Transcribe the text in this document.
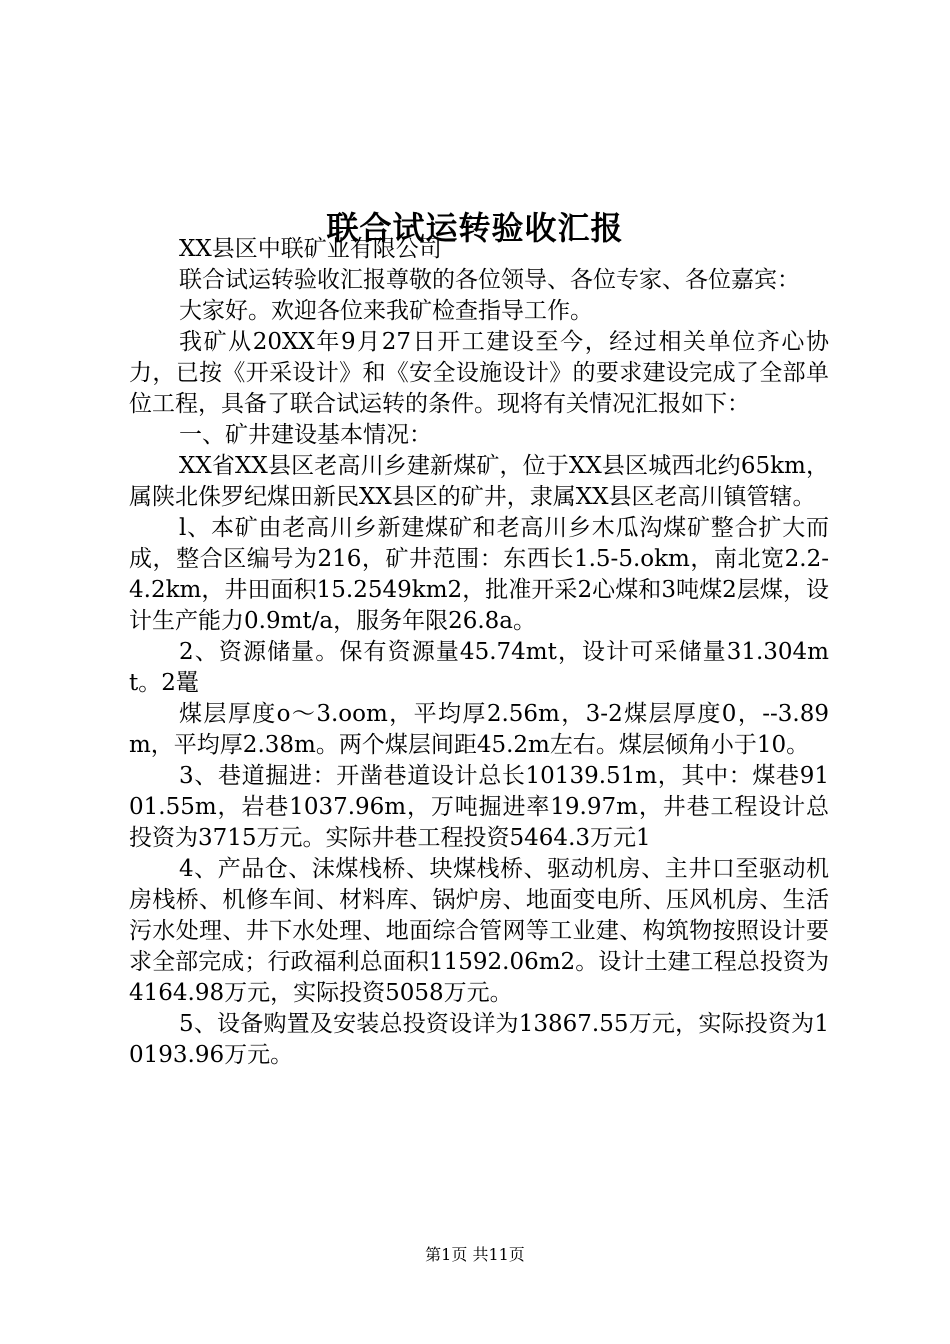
联合试运转验收汇报

XX县区中联矿业有限公司

联合试运转验收汇报尊敬的各位领导、各位专家、各位嘉宾：

大家好。欢迎各位来我矿检查指导工作。

我矿从20XX年9月27日开工建设至今，经过相关单位齐心协力，已按《开采设计》和《安全设施设计》的要求建设完成了全部单位工程，具备了联合试运转的条件。现将有关情况汇报如下：

一、矿井建设基本情况：

XX省XX县区老高川乡建新煤矿，位于XX县区城西北约65km，属陕北侏罗纪煤田新民XX县区的矿井，隶属XX县区老高川镇管辖。

l、本矿由老高川乡新建煤矿和老高川乡木瓜沟煤矿整合扩大而成，整合区编号为216，矿井范围：东西长1.5-5.okm，南北宽2.2-4.2km，井田面积15.2549km2，批准开采2心煤和3吨煤2层煤，设计生产能力0.9mt/a，服务年限26.8a。

2、资源储量。保有资源量45.74mt，设计可采储量31.304mt。2鼍

煤层厚度o～3.oom，平均厚2.56m，3-2煤层厚度0，--3.89m，平均厚2.38m。两个煤层间距45.2m左右。煤层倾角小于10。

3、巷道掘进：开凿巷道设计总长10139.51m，其中：煤巷9101.55m，岩巷1037.96m，万吨掘进率19.97m，井巷工程设计总投资为3715万元。实际井巷工程投资5464.3万元1

4、产品仓、沫煤栈桥、块煤栈桥、驱动机房、主井口至驱动机房栈桥、机修车间、材料库、锅炉房、地面变电所、压风机房、生活污水处理、井下水处理、地面综合管网等工业建、构筑物按照设计要求全部完成；行政福利总面积11592.06m2。设计土建工程总投资为4164.98万元，实际投资5058万元。

5、设备购置及安装总投资设详为13867.55万元，实际投资为10193.96万元。

第1页 共11页
